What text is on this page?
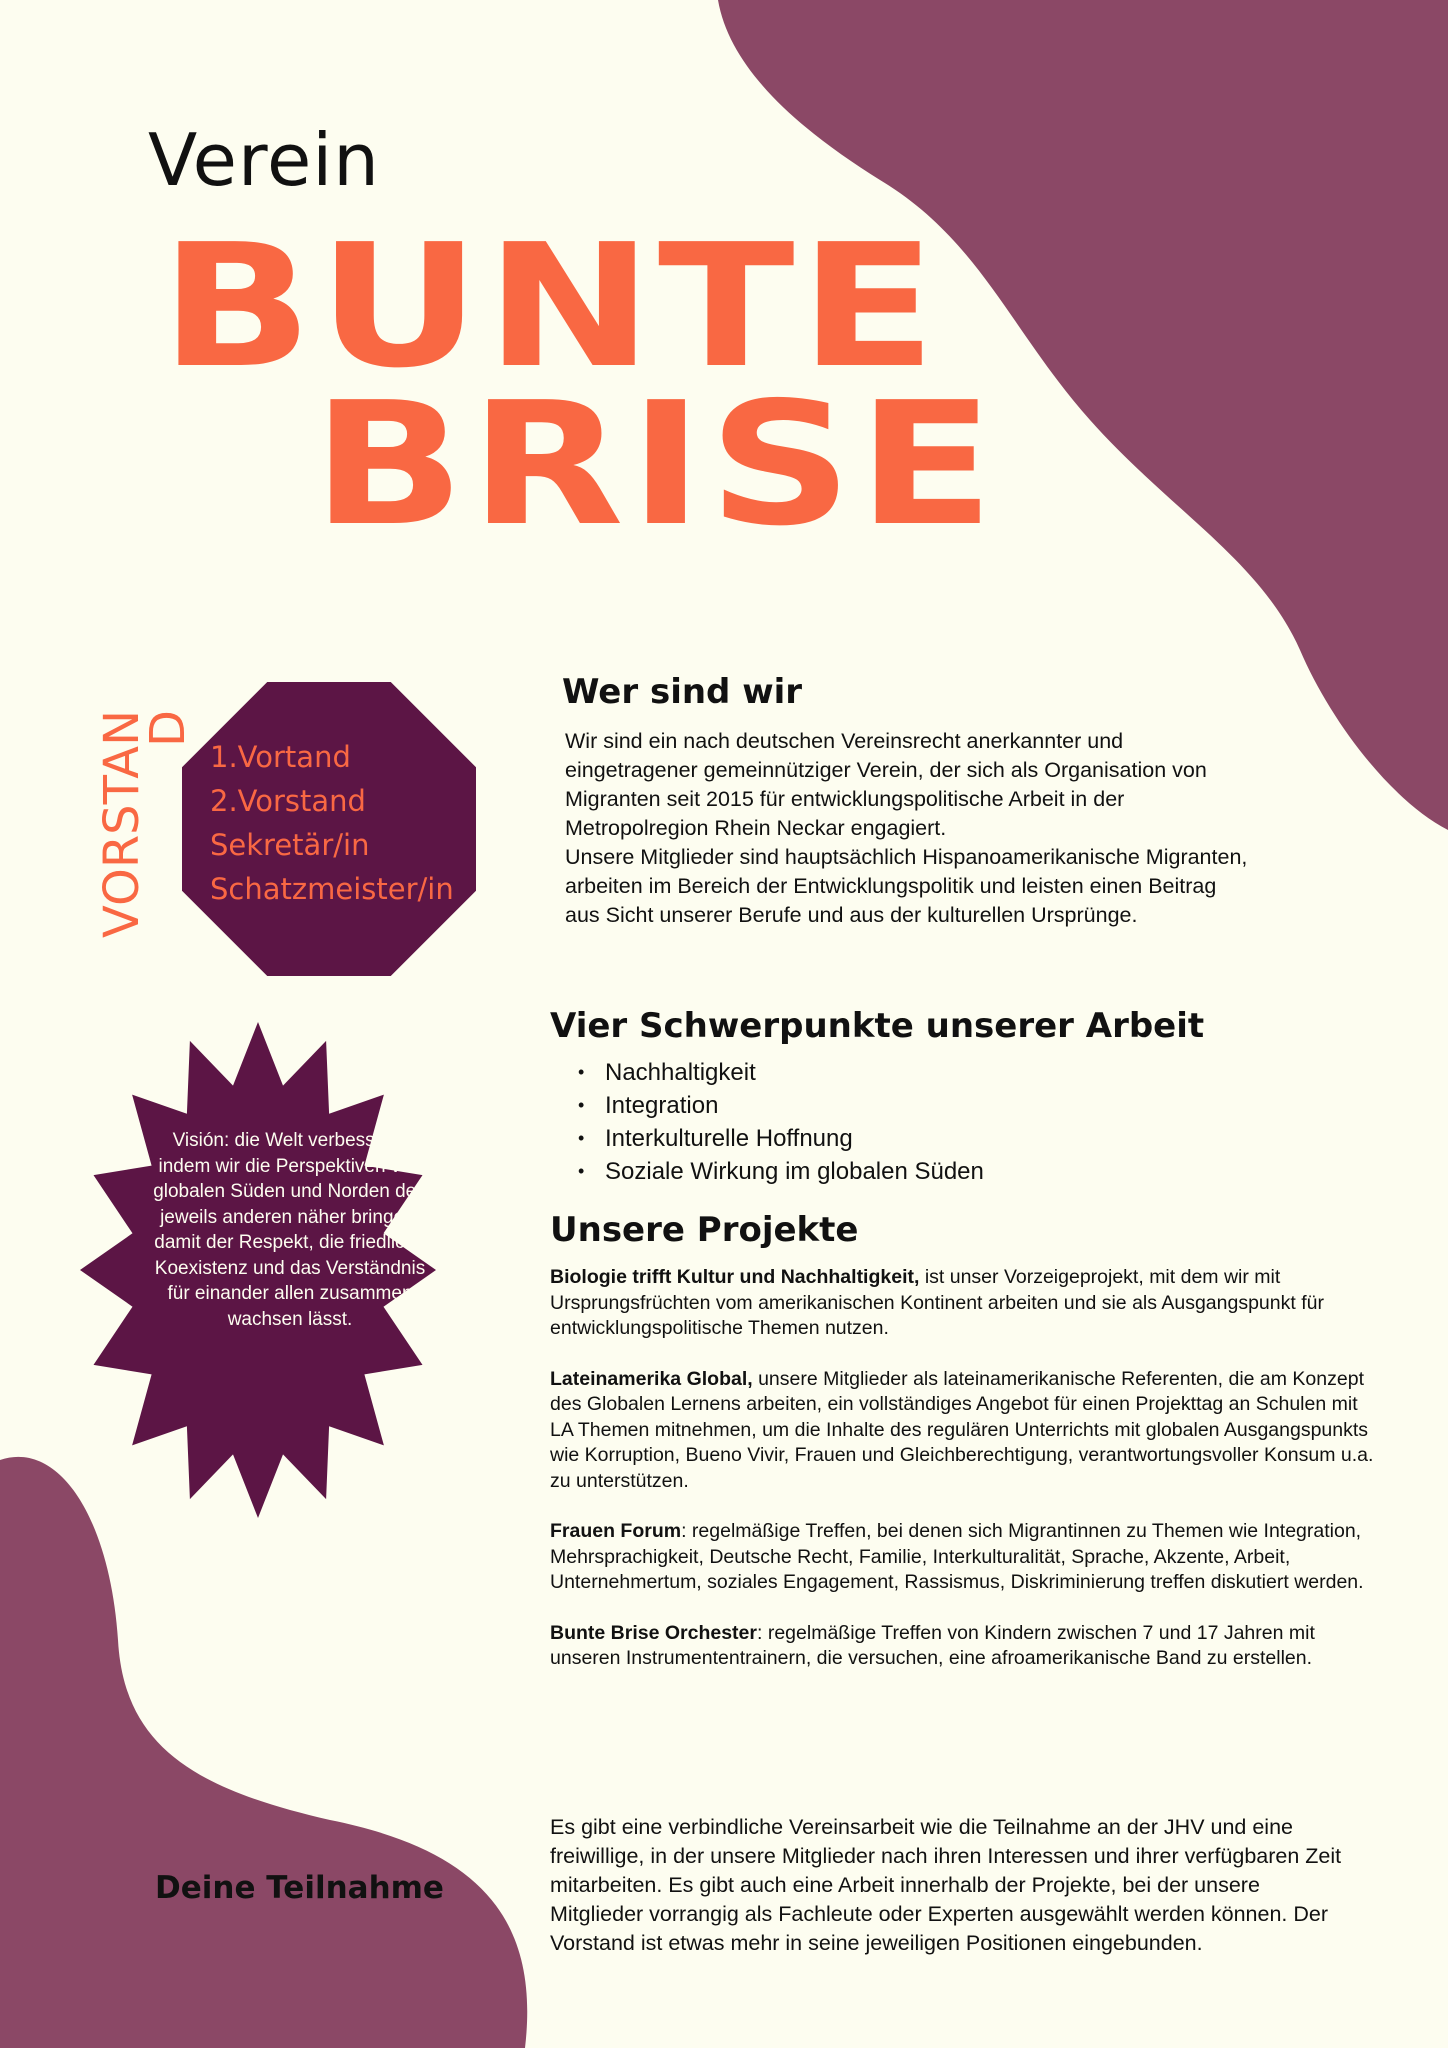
Verein
BUNTE
BRISE
VORSTAN
D
1.Vortand
2.Vorstand
Sekretär/in
Schatzmeister/in
Visión: die Welt verbessern, indem wir die Perspektiven von globalen Süden und Norden den jeweils anderen näher bringen, damit der Respekt, die friedliche Koexistenz und das Verständnis für einander allen zusammen wachsen lässt.
Wer sind wir
Wir sind ein nach deutschen Vereinsrecht anerkannter und eingetragener gemeinnütziger Verein, der sich als Organisation von Migranten seit 2015 für entwicklungspolitische Arbeit in der Metropolregion Rhein Neckar engagiert.
Unsere Mitglieder sind hauptsächlich Hispanoamerikanische Migranten, arbeiten im Bereich der Entwicklungspolitik und leisten einen Beitrag aus Sicht unserer Berufe und aus der kulturellen Ursprünge.
Vier Schwerpunkte unserer Arbeit
• Nachhaltigkeit
• Integration
• Interkulturelle Hoffnung
• Soziale Wirkung im globalen Süden
Unsere Projekte

Biologie trifft Kultur und Nachhaltigkeit, ist unser Vorzeigeprojekt, mit dem wir mit Ursprungsfrüchten vom amerikanischen Kontinent arbeiten und sie als Ausgangspunkt für entwicklungspolitische Themen nutzen.

Lateinamerika Global, unsere Mitglieder als lateinamerikanische Referenten, die am Konzept des Globalen Lernens arbeiten, ein vollständiges Angebot für einen Projekttag an Schulen mit LA Themen mitnehmen, um die Inhalte des regulären Unterrichts mit globalen Ausgangspunkts wie Korruption, Bueno Vivir, Frauen und Gleichberechtigung, verantwortungsvoller Konsum u.a. zu unterstützen.

Frauen Forum: regelmäßige Treffen, bei denen sich Migrantinnen zu Themen wie Integration, Mehrsprachigkeit, Deutsche Recht, Familie, Interkulturalität, Sprache, Akzente, Arbeit, Unternehmertum, soziales Engagement, Rassismus, Diskriminierung treffen diskutiert werden.

Bunte Brise Orchester: regelmäßige Treffen von Kindern zwischen 7 und 17 Jahren mit unseren Instrumententrainern, die versuchen, eine afroamerikanische Band zu erstellen.

Deine Teilnahme
Es gibt eine verbindliche Vereinsarbeit wie die Teilnahme an der JHV und eine freiwillige, in der unsere Mitglieder nach ihren Interessen und ihrer verfügbaren Zeit mitarbeiten. Es gibt auch eine Arbeit innerhalb der Projekte, bei der unsere Mitglieder vorrangig als Fachleute oder Experten ausgewählt werden können. Der Vorstand ist etwas mehr in seine jeweiligen Positionen eingebunden.
